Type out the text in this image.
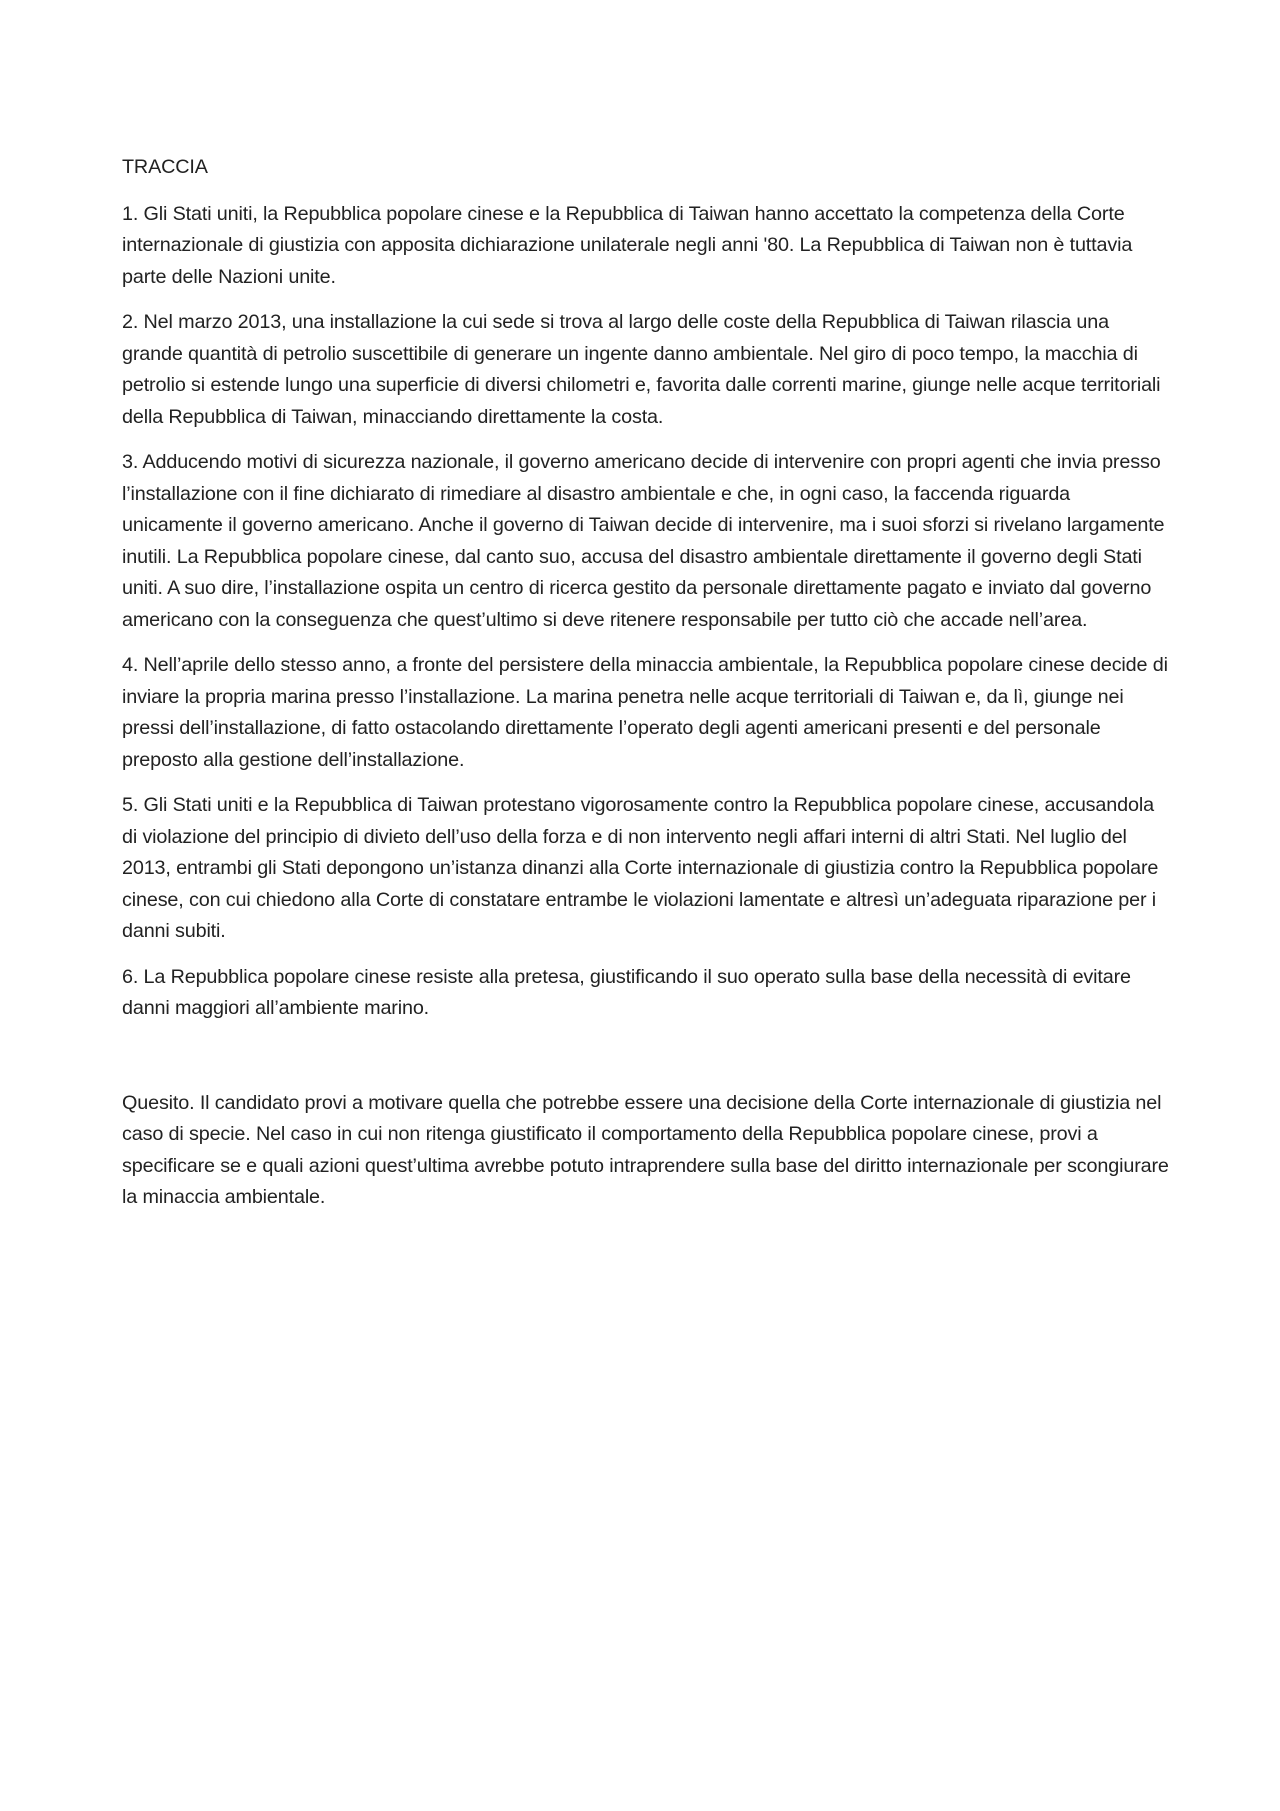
TRACCIA

1. Gli Stati uniti, la Repubblica popolare cinese e la Repubblica di Taiwan hanno accettato la competenza della Corte internazionale di giustizia con apposita dichiarazione unilaterale negli anni '80. La Repubblica di Taiwan non è tuttavia parte delle Nazioni unite.

2. Nel marzo 2013, una installazione la cui sede si trova al largo delle coste della Repubblica di Taiwan rilascia una grande quantità di petrolio suscettibile di generare un ingente danno ambientale. Nel giro di poco tempo, la macchia di petrolio si estende lungo una superficie di diversi chilometri e, favorita dalle correnti marine, giunge nelle acque territoriali della Repubblica di Taiwan, minacciando direttamente la costa.

3. Adducendo motivi di sicurezza nazionale, il governo americano decide di intervenire con propri agenti che invia presso l’installazione con il fine dichiarato di rimediare al disastro ambientale e che, in ogni caso, la faccenda riguarda unicamente il governo americano. Anche il governo di Taiwan decide di intervenire, ma i suoi sforzi si rivelano largamente inutili. La Repubblica popolare cinese, dal canto suo, accusa del disastro ambientale direttamente il governo degli Stati uniti. A suo dire, l’installazione ospita un centro di ricerca gestito da personale direttamente pagato e inviato dal governo americano con la conseguenza che quest’ultimo si deve ritenere responsabile per tutto ciò che accade nell’area.

4. Nell’aprile dello stesso anno, a fronte del persistere della minaccia ambientale, la Repubblica popolare cinese decide di inviare la propria marina presso l’installazione. La marina penetra nelle acque territoriali di Taiwan e, da lì, giunge nei pressi dell’installazione, di fatto ostacolando direttamente l’operato degli agenti americani presenti e del personale preposto alla gestione dell’installazione.

5. Gli Stati uniti e la Repubblica di Taiwan protestano vigorosamente contro la Repubblica popolare cinese, accusandola di violazione del principio di divieto dell’uso della forza e di non intervento negli affari interni di altri Stati. Nel luglio del 2013, entrambi gli Stati depongono un’istanza dinanzi alla Corte internazionale di giustizia contro la Repubblica popolare cinese, con cui chiedono alla Corte di constatare entrambe le violazioni lamentate e altresì un’adeguata riparazione per i danni subiti.

6. La Repubblica popolare cinese resiste alla pretesa, giustificando il suo operato sulla base della necessità di evitare danni maggiori all’ambiente marino.

Quesito. Il candidato provi a motivare quella che potrebbe essere una decisione della Corte internazionale di giustizia nel caso di specie. Nel caso in cui non ritenga giustificato il comportamento della Repubblica popolare cinese, provi a specificare se e quali azioni quest’ultima avrebbe potuto intraprendere sulla base del diritto internazionale per scongiurare la minaccia ambientale.
